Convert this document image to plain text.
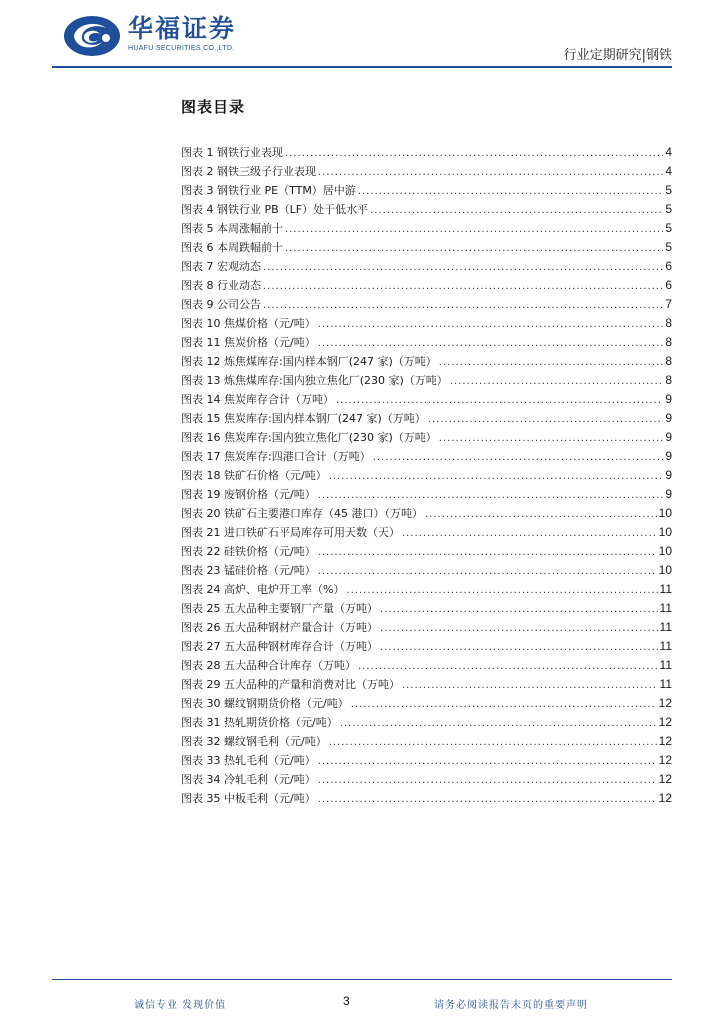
华福证券
HUAFU SECURITIES CO.,LTD.	行业定期研究|钢铁
图表目录
图表 1 钢铁行业表现 .....	4
图表 2 钢铁三级子行业表现 .....	4
图表 3 钢铁行业 PE（TTM）居中游 .....	5
图表 4 钢铁行业 PB（LF）处于低水平 .....	5
图表 5 本周涨幅前十 .....	5
图表 6 本周跌幅前十 .....	5
图表 7 宏观动态 .....	6
图表 8 行业动态 .....	6
图表 9 公司公告 .....	7
图表 10 焦煤价格（元/吨） .....	8
图表 11 焦炭价格（元/吨） .....	8
图表 12 炼焦煤库存:国内样本钢厂(247 家)（万吨） .....	8
图表 13 炼焦煤库存:国内独立焦化厂(230 家)（万吨） .....	8
图表 14 焦炭库存合计（万吨） .....	9
图表 15 焦炭库存:国内样本钢厂(247 家)（万吨） .....	9
图表 16 焦炭库存:国内独立焦化厂(230 家)（万吨） .....	9
图表 17 焦炭库存:四港口合计（万吨） .....	9
图表 18 铁矿石价格（元/吨） .....	9
图表 19 废钢价格（元/吨） .....	9
图表 20 铁矿石主要港口库存（45 港口）（万吨） .....	10
图表 21 进口铁矿石平局库存可用天数（天） .....	10
图表 22 硅铁价格（元/吨） .....	10
图表 23 锰硅价格（元/吨） .....	10
图表 24 高炉、电炉开工率（%） .....	11
图表 25 五大品种主要钢厂产量（万吨） .....	11
图表 26 五大品种钢材产量合计（万吨） .....	11
图表 27 五大品种钢材库存合计（万吨） .....	11
图表 28 五大品种合计库存（万吨） .....	11
图表 29 五大品种的产量和消费对比（万吨） .....	11
图表 30 螺纹钢期货价格（元/吨） .....	12
图表 31 热轧期货价格（元/吨） .....	12
图表 32 螺纹钢毛利（元/吨） .....	12
图表 33 热轧毛利（元/吨） .....	12
图表 34 冷轧毛利（元/吨） .....	12
图表 35 中板毛利（元/吨） .....	12
诚信专业 发现价值	3	请务必阅读报告末页的重要声明
